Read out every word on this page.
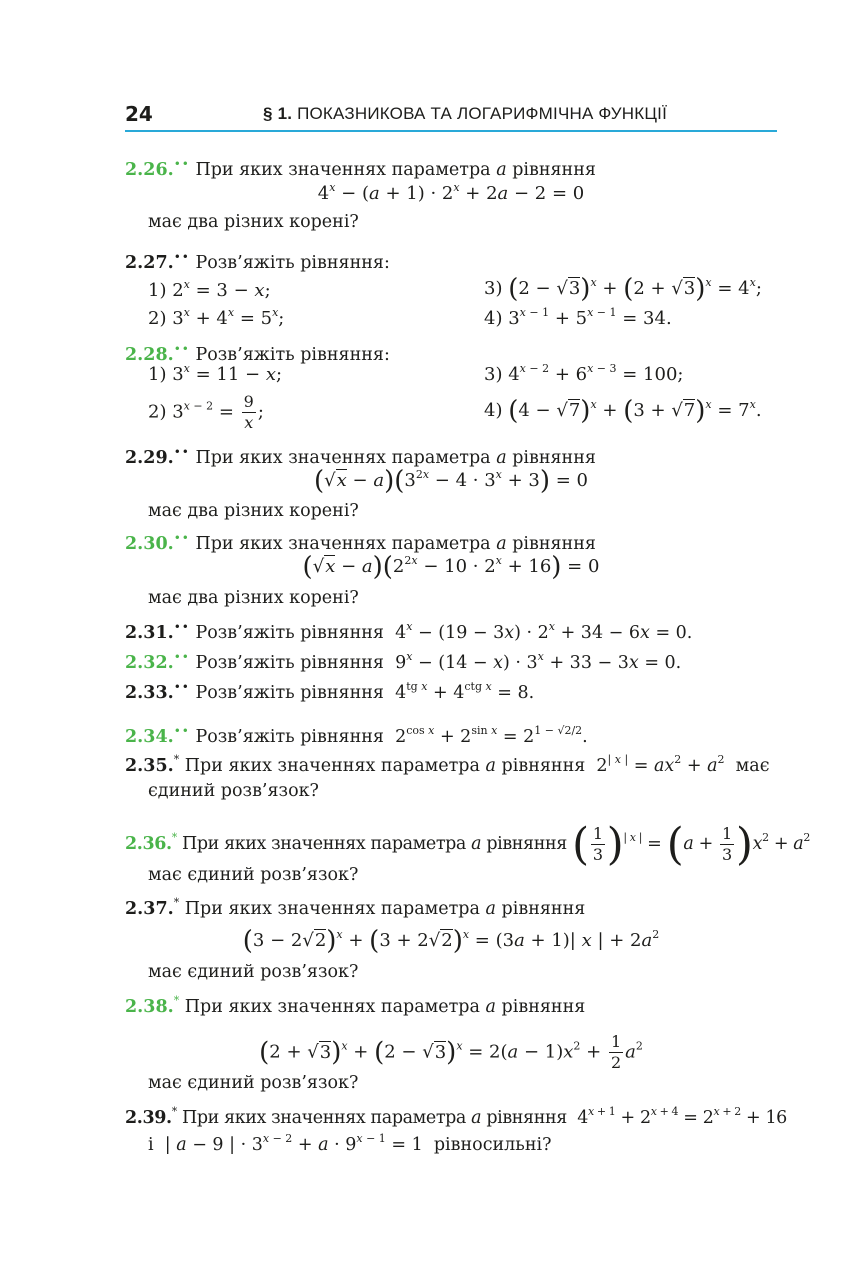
24	§ 1. ПОКАЗНИКОВА ТА ЛОГАРИФМІЧНА ФУНКЦІЇ
2.26.•• При яких значеннях параметра a рівняння
$4^x - (a + 1) \cdot 2^x + 2a - 2 = 0$
має два різних корені?
2.27.•• Розв’яжіть рівняння:
1) $2^x = 3 - x$;	3) $(2 - √3)^x + (2 + √3)^x = 4^x$;
2) $3^x + 4^x = 5^x$;	4) $3^{x - 1} + 5^{x - 1} = 34$.
2.28.•• Розв’яжіть рівняння:
1) $3^x = 11 - x$;	3) $4^{x - 2} + 6^{x - 3} = 100$;
2) $3^{x - 2} = \frac{9}{x}$ ;	4) $(4 - √7)^x + (3 + √7)^x = 7^x$.
2.29.•• При яких значеннях параметра a рівняння
$(√x - a)(3^{2x} - 4 \cdot 3^x + 3) = 0$
має два різних корені?
2.30.•• При яких значеннях параметра a рівняння
$(√x - a)(2^{2x} - 10 \cdot 2^x + 16) = 0$
має два різних корені?
2.31.•• Розв’яжіть рівняння  $4^x - (19 - 3x) \cdot 2^x + 34 - 6x = 0$.
2.32.•• Розв’яжіть рівняння  $9^x - (14 - x) \cdot 3^x + 33 - 3x = 0$.
2.33.•• Розв’яжіть рівняння  $4^{tg x} + 4^{ctg x} = 8$.
2.34.•• Розв’яжіть рівняння  $2^{cos x} + 2^{sin x} = 2^{1 - √2/2}$.
2.35.* При яких значеннях параметра a рівняння  $2^{| x |} = ax^2 + a^2$ має
єдиний розв’язок?
2.36.* При яких значеннях параметра a рівняння ( $\frac{1}{3} )^{| x |} = (a + \frac{1}{3} )x^2 + a^2$
має єдиний розв’язок?
2.37.* При яких значеннях параметра a рівняння
$(3 - 2√2)^x + (3 + 2√2)^x = (3a + 1)|$ x | + $2a^2$
має єдиний розв’язок?
2.38.* При яких значеннях параметра a рівняння
$(2 + √3)^x + (2 - √3)^x = 2(a - 1)x^2 + \frac{1}{2} a^2$
має єдиний розв’язок?
2.39.* При яких значеннях параметра a рівняння  $4^{x + 1} + 2^{x + 4} = 2^{x + 2} + 16$
і  | a − 9 | · $3^{x - 2} + a \cdot 9^{x - 1} = 1$  рівносильні?
